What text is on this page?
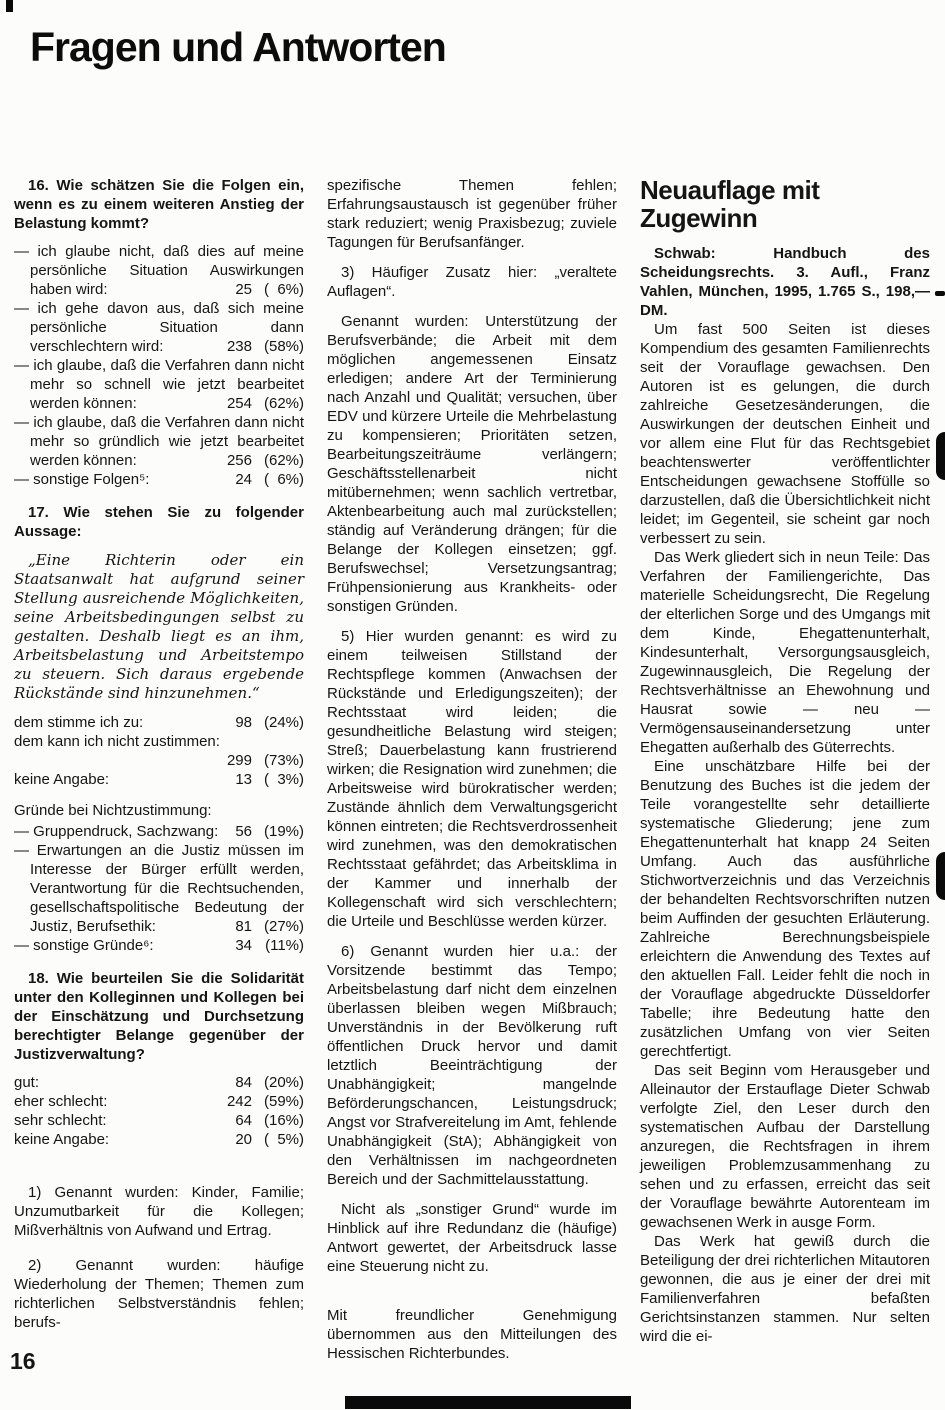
Fragen und Antworten
16. Wie schätzen Sie die Folgen ein, wenn es zu einem weiteren Anstieg der Belastung kommt?
— ich glaube nicht, daß dies auf meine persönliche Situation Auswirkungen haben wird:	25 (  6%)
— ich gehe davon aus, daß sich meine persönliche Situation dann verschlechtern wird:	238 (58%)
— ich glaube, daß die Verfahren dann nicht mehr so schnell wie jetzt bearbeitet werden können:	254 (62%)
— ich glaube, daß die Verfahren dann nicht mehr so gründlich wie jetzt bearbeitet werden können:	256 (62%)
— sonstige Folgen⁵:	24 (  6%)
17. Wie stehen Sie zu folgender Aussage:

„Eine Richterin oder ein Staatsanwalt hat aufgrund seiner Stellung ausreichende Möglichkeiten, seine Arbeitsbedingungen selbst zu gestalten. Deshalb liegt es an ihm, Arbeitsbelastung und Arbeitstempo zu steuern. Sich daraus ergebende Rückstände sind hinzunehmen.“

dem stimme ich zu:	98 (24%)
dem kann ich nicht zustimmen:
299 (73%)
keine Angabe:	13 (  3%)

Gründe bei Nichtzustimmung:

— Gruppendruck, Sachzwang:	56 (19%)
— Erwartungen an die Justiz müssen im Interesse der Bürger erfüllt werden, Verantwortung für die Rechtsuchenden, gesellschaftspolitische Bedeutung der Justiz, Berufsethik:	81 (27%)
— sonstige Gründe⁶:	34 (11%)
18. Wie beurteilen Sie die Solidarität unter den Kolleginnen und Kollegen bei der Einschätzung und Durchsetzung berechtigter Belange gegenüber der Justizverwaltung?
gut:	84 (20%)
eher schlecht:	242 (59%)
sehr schlecht:	64 (16%)
keine Angabe:	20 (  5%)

1) Genannt wurden: Kinder, Familie; Unzumutbarkeit für die Kollegen; Mißverhältnis von Aufwand und Ertrag.

2) Genannt wurden: häufige Wiederholung der Themen; Themen zum richterlichen Selbstverständnis fehlen; berufs-

spezifische Themen fehlen; Erfahrungsaustausch ist gegenüber früher stark reduziert; wenig Praxisbezug; zuviele Tagungen für Berufsanfänger.

3) Häufiger Zusatz hier: „veraltete Auflagen“.

Genannt wurden: Unterstützung der Berufsverbände; die Arbeit mit dem möglichen angemessenen Einsatz erledigen; andere Art der Terminierung nach Anzahl und Qualität; versuchen, über EDV und kürzere Urteile die Mehrbelastung zu kompensieren; Prioritäten setzen, Bearbeitungszeiträume verlängern; Geschäftsstellenarbeit nicht mitübernehmen; wenn sachlich vertretbar, Aktenbearbeitung auch mal zurückstellen; ständig auf Veränderung drängen; für die Belange der Kollegen einsetzen; ggf. Berufswechsel; Versetzungsantrag; Frühpensionierung aus Krankheits- oder sonstigen Gründen.

5) Hier wurden genannt: es wird zu einem teilweisen Stillstand der Rechtspflege kommen (Anwachsen der Rückstände und Erledigungszeiten); der Rechtsstaat wird leiden; die gesundheitliche Belastung wird steigen; Streß; Dauerbelastung kann frustrierend wirken; die Resignation wird zunehmen; die Arbeitsweise wird bürokratischer werden; Zustände ähnlich dem Verwaltungsgericht können eintreten; die Rechtsverdrossenheit wird zunehmen, was den demokratischen Rechtsstaat gefährdet; das Arbeitsklima in der Kammer und innerhalb der Kollegenschaft wird sich verschlechtern; die Urteile und Beschlüsse werden kürzer.

6) Genannt wurden hier u.a.: der Vorsitzende bestimmt das Tempo; Arbeitsbelastung darf nicht dem einzelnen überlassen bleiben wegen Mißbrauch; Unverständnis in der Bevölkerung ruft öffentlichen Druck hervor und damit letztlich Beeinträchtigung der Unabhängigkeit; mangelnde Beförderungschancen, Leistungsdruck; Angst vor Strafvereitelung im Amt, fehlende Unabhängigkeit (StA); Abhängigkeit von den Verhältnissen im nachgeordneten Bereich und der Sachmittelausstattung.

Nicht als „sonstiger Grund“ wurde im Hinblick auf ihre Redundanz die (häufige) Antwort gewertet, der Arbeitsdruck lasse eine Steuerung nicht zu.

Mit freundlicher Genehmigung übernommen aus den Mitteilungen des Hessischen Richterbundes.

Neuauflage mit Zugewinn

Schwab: Handbuch des Scheidungsrechts. 3. Aufl., Franz Vahlen, München, 1995, 1.765 S., 198,— DM.

Um fast 500 Seiten ist dieses Kompendium des gesamten Familienrechts seit der Vorauflage gewachsen. Den Autoren ist es gelungen, die durch zahlreiche Gesetzesänderungen, die Auswirkungen der deutschen Einheit und vor allem eine Flut für das Rechtsgebiet beachtenswerter veröffentlichter Entscheidungen gewachsene Stoffülle so darzustellen, daß die Übersichtlichkeit nicht leidet; im Gegenteil, sie scheint gar noch verbessert zu sein.

Das Werk gliedert sich in neun Teile: Das Verfahren der Familiengerichte, Das materielle Scheidungsrecht, Die Regelung der elterlichen Sorge und des Umgangs mit dem Kinde, Ehegattenunterhalt, Kindesunterhalt, Versorgungsausgleich, Zugewinnausgleich, Die Regelung der Rechtsverhältnisse an Ehewohnung und Hausrat sowie — neu — Vermögensauseinandersetzung unter Ehegatten außerhalb des Güterrechts.

Eine unschätzbare Hilfe bei der Benutzung des Buches ist die jedem der Teile vorangestellte sehr detaillierte systematische Gliederung; jene zum Ehegattenunterhalt hat knapp 24 Seiten Umfang. Auch das ausführliche Stichwortverzeichnis und das Verzeichnis der behandelten Rechtsvorschriften nutzen beim Auffinden der gesuchten Erläuterung. Zahlreiche Berechnungsbeispiele erleichtern die Anwendung des Textes auf den aktuellen Fall. Leider fehlt die noch in der Vorauflage abgedruckte Düsseldorfer Tabelle; ihre Bedeutung hatte den zusätzlichen Umfang von vier Seiten gerechtfertigt.

Das seit Beginn vom Herausgeber und Alleinautor der Erstauflage Dieter Schwab verfolgte Ziel, den Leser durch den systematischen Aufbau der Darstellung anzuregen, die Rechtsfragen in ihrem jeweiligen Problemzusammenhang zu sehen und zu erfassen, erreicht das seit der Vorauflage bewährte Autorenteam im gewachsenen Werk in ausge Form.

Das Werk hat gewiß durch die Beteiligung der drei richterlichen Mitautoren gewonnen, die aus je einer der drei mit Familienverfahren befaßten Gerichtsinstanzen stammen. Nur selten wird die ei-

16
